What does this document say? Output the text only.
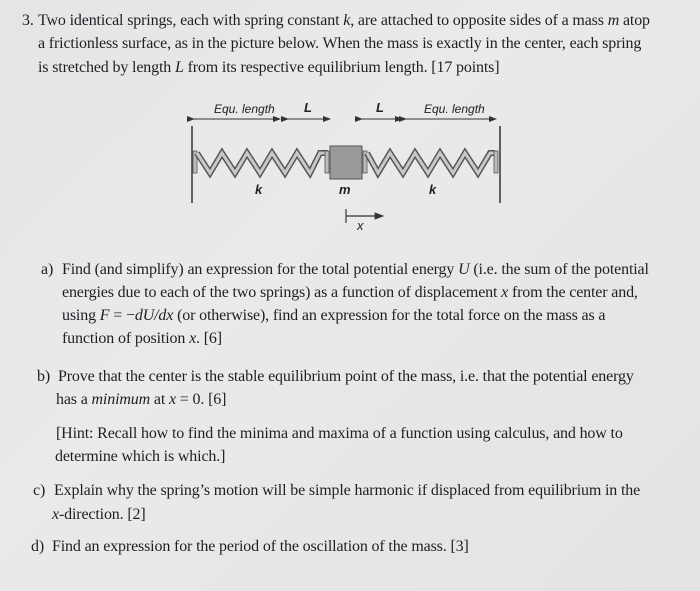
3. Two identical springs, each with spring constant k, are attached to opposite sides of a mass m atop
a frictionless surface, as in the picture below. When the mass is exactly in the center, each spring
is stretched by length L from its respective equilibrium length. [17 points]
Equ. length L	L	Equ. length
k	m	k
x
a) Find (and simplify) an expression for the total potential energy U (i.e. the sum of the potential
energies due to each of the two springs) as a function of displacement x from the center and,
using F = −dU/dx (or otherwise), find an expression for the total force on the mass as a
function of position x. [6]
b) Prove that the center is the stable equilibrium point of the mass, i.e. that the potential energy
has a minimum at x = 0. [6]
[Hint: Recall how to find the minima and maxima of a function using calculus, and how to
determine which is which.]
c) Explain why the spring’s motion will be simple harmonic if displaced from equilibrium in the
x-direction. [2]
d) Find an expression for the period of the oscillation of the mass. [3]
